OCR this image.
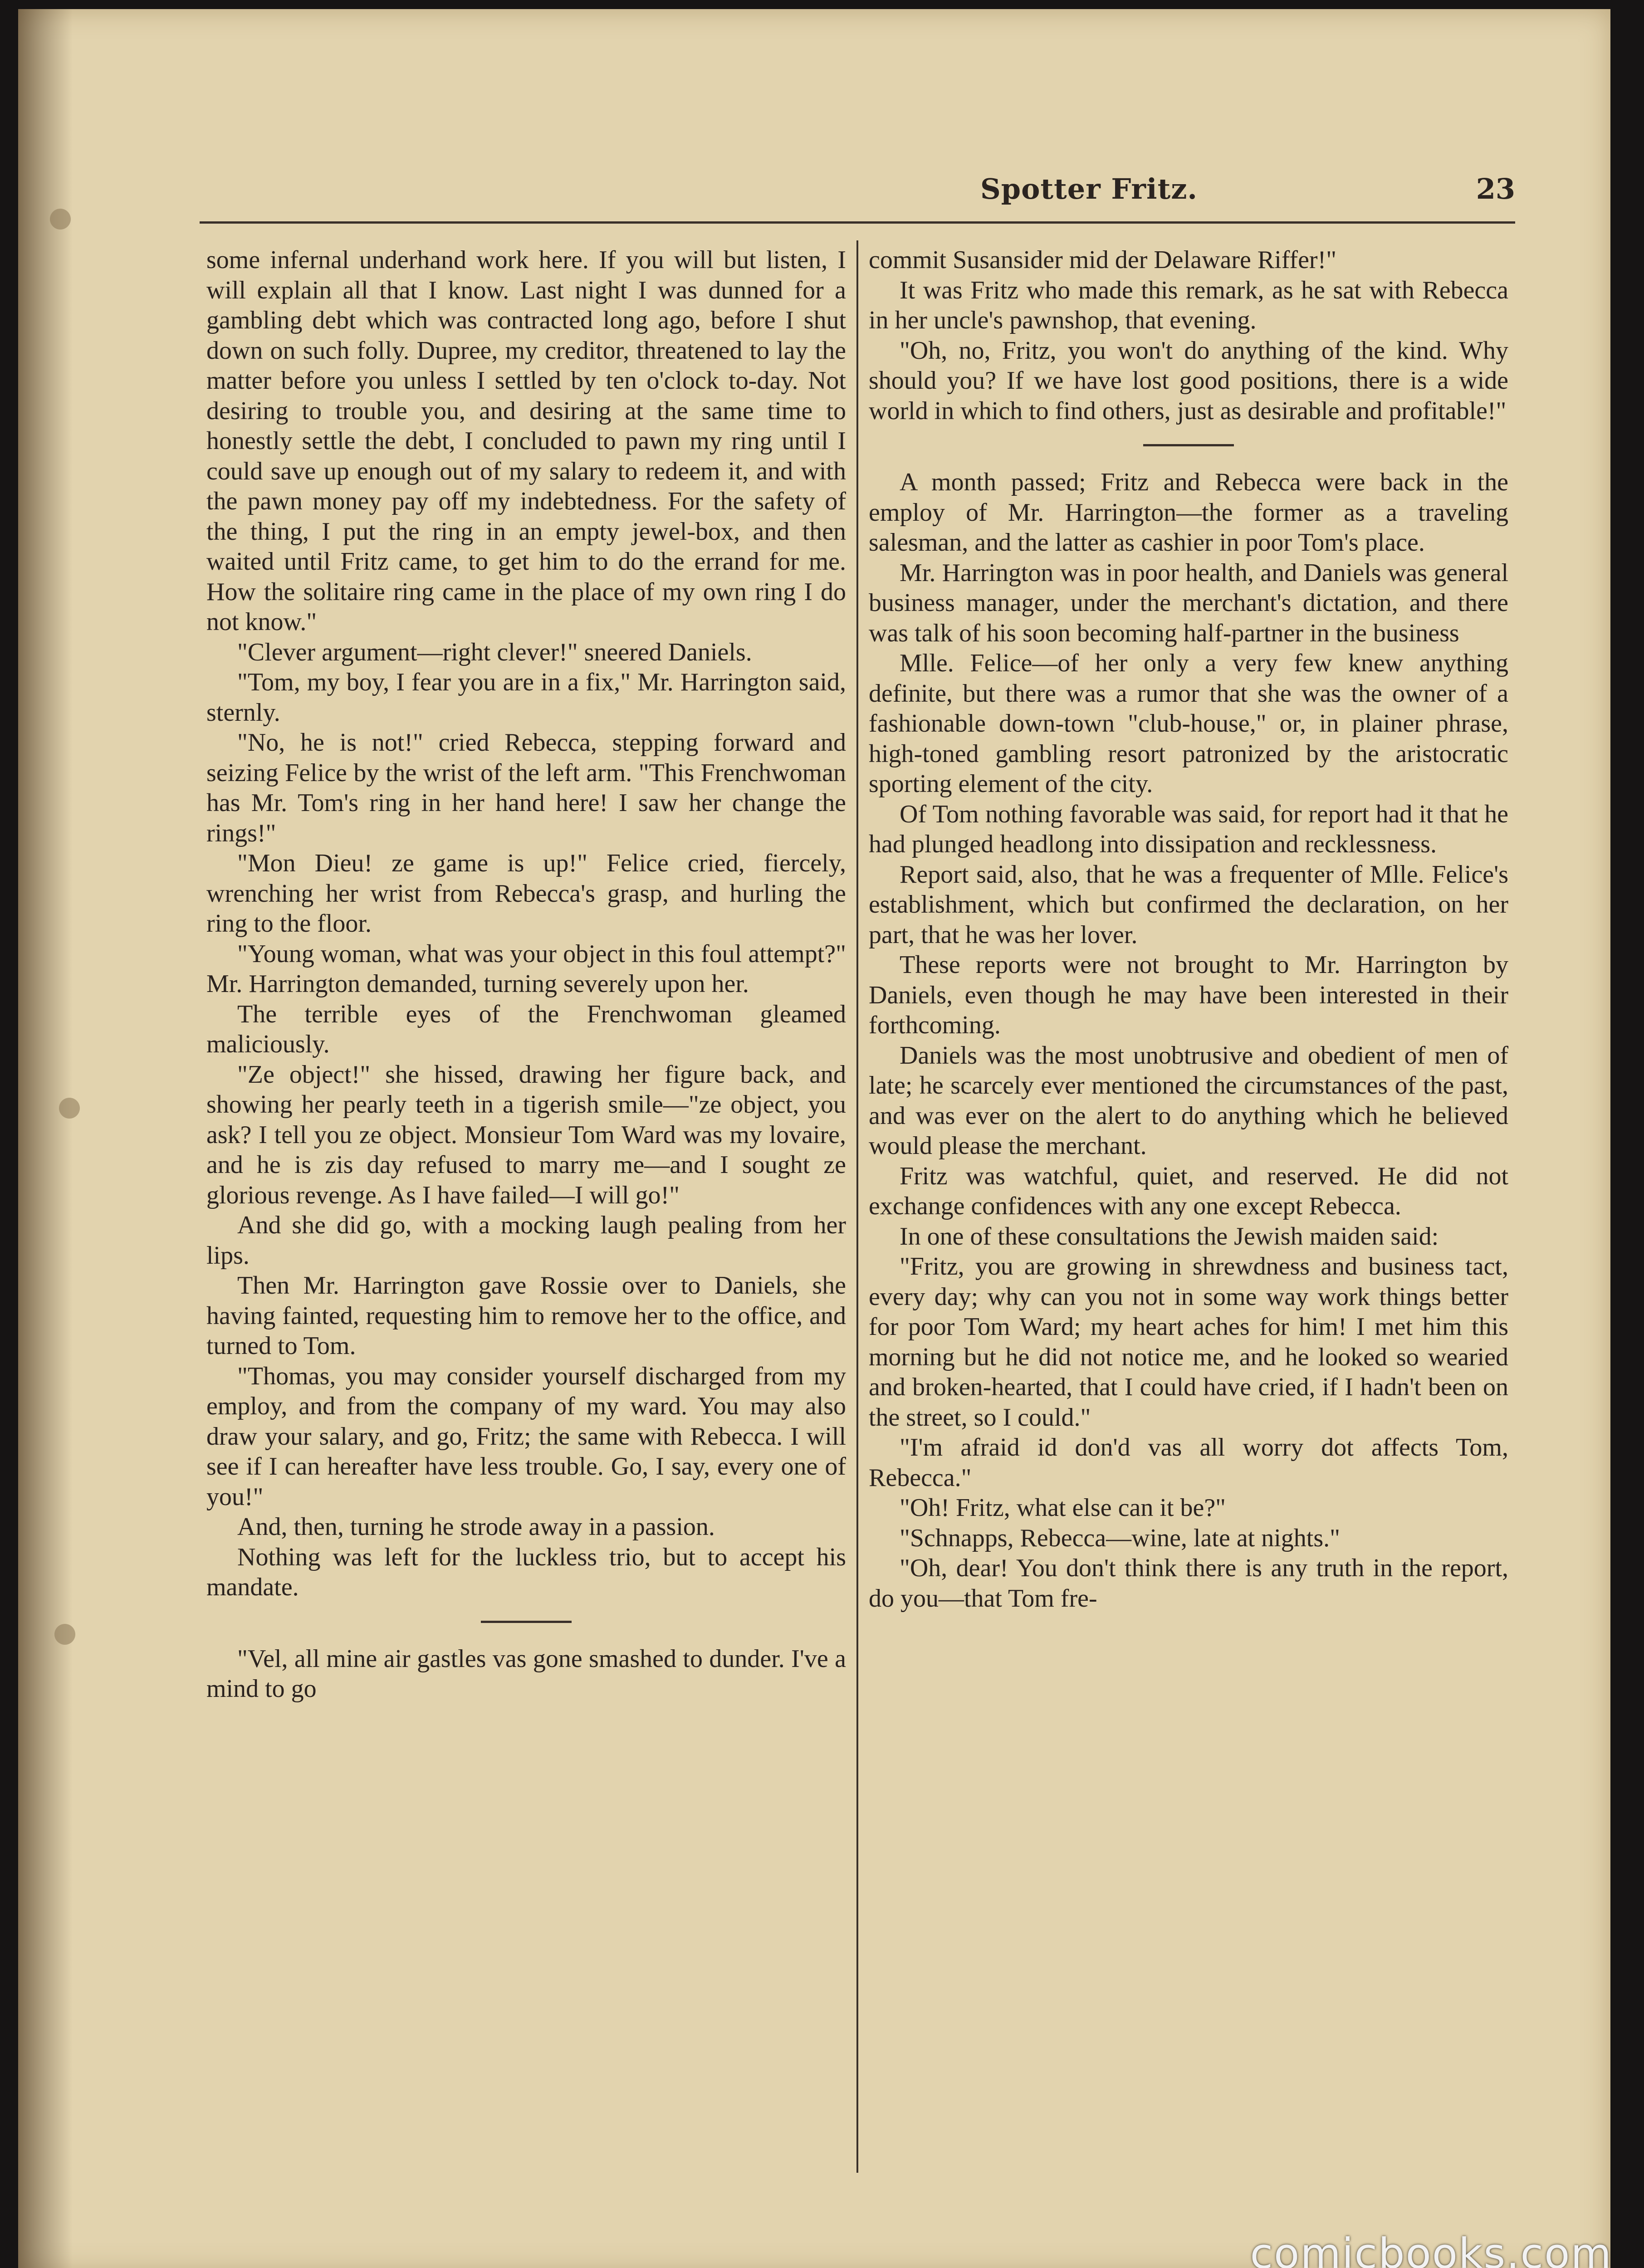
Spotter Fritz.	23

some infernal underhand work here. If you will but listen, I will explain all that I know. Last night I was dunned for a gambling debt which was contracted long ago, before I shut down on such folly. Dupree, my creditor, threatened to lay the matter before you unless I settled by ten o'clock to-day. Not desiring to trouble you, and desiring at the same time to honestly settle the debt, I concluded to pawn my ring until I could save up enough out of my salary to redeem it, and with the pawn money pay off my indebtedness. For the safety of the thing, I put the ring in an empty jewel-box, and then waited until Fritz came, to get him to do the errand for me. How the solitaire ring came in the place of my own ring I do not know."

"Clever argument—right clever!" sneered Daniels.

"Tom, my boy, I fear you are in a fix," Mr. Harrington said, sternly.

"No, he is not!" cried Rebecca, stepping forward and seizing Felice by the wrist of the left arm. "This Frenchwoman has Mr. Tom's ring in her hand here! I saw her change the rings!"

"Mon Dieu! ze game is up!" Felice cried, fiercely, wrenching her wrist from Rebecca's grasp, and hurling the ring to the floor.

"Young woman, what was your object in this foul attempt?" Mr. Harrington demanded, turning severely upon her.

The terrible eyes of the Frenchwoman gleamed maliciously.

"Ze object!" she hissed, drawing her figure back, and showing her pearly teeth in a tigerish smile—"ze object, you ask? I tell you ze object. Monsieur Tom Ward was my lovaire, and he is zis day refused to marry me—and I sought ze glorious revenge. As I have failed—I will go!"

And she did go, with a mocking laugh pealing from her lips.

Then Mr. Harrington gave Rossie over to Daniels, she having fainted, requesting him to remove her to the office, and turned to Tom.

"Thomas, you may consider yourself discharged from my employ, and from the company of my ward. You may also draw your salary, and go, Fritz; the same with Rebecca. I will see if I can hereafter have less trouble. Go, I say, every one of you!"

And, then, turning he strode away in a passion.

Nothing was left for the luckless trio, but to accept his mandate.

"Vel, all mine air gastles vas gone smashed to dunder. I've a mind to go

commit Susansider mid der Delaware Riffer!"

It was Fritz who made this remark, as he sat with Rebecca in her uncle's pawnshop, that evening.

"Oh, no, Fritz, you won't do anything of the kind. Why should you? If we have lost good positions, there is a wide world in which to find others, just as desirable and profitable!"

A month passed; Fritz and Rebecca were back in the employ of Mr. Harrington—the former as a traveling salesman, and the latter as cashier in poor Tom's place.

Mr. Harrington was in poor health, and Daniels was general business manager, under the merchant's dictation, and there was talk of his soon becoming half-partner in the business

Mlle. Felice—of her only a very few knew anything definite, but there was a rumor that she was the owner of a fashionable down-town "club-house," or, in plainer phrase, high-toned gambling resort patronized by the aristocratic sporting element of the city.

Of Tom nothing favorable was said, for report had it that he had plunged headlong into dissipation and recklessness.

Report said, also, that he was a frequenter of Mlle. Felice's establishment, which but confirmed the declaration, on her part, that he was her lover.

These reports were not brought to Mr. Harrington by Daniels, even though he may have been interested in their forthcoming.

Daniels was the most unobtrusive and obedient of men of late; he scarcely ever mentioned the circumstances of the past, and was ever on the alert to do anything which he believed would please the merchant.

Fritz was watchful, quiet, and reserved. He did not exchange confidences with any one except Rebecca.

In one of these consultations the Jewish maiden said:

"Fritz, you are growing in shrewdness and business tact, every day; why can you not in some way work things better for poor Tom Ward; my heart aches for him! I met him this morning but he did not notice me, and he looked so wearied and broken-hearted, that I could have cried, if I hadn't been on the street, so I could."

"I'm afraid id don'd vas all worry dot affects Tom, Rebecca."

"Oh! Fritz, what else can it be?"

"Schnapps, Rebecca—wine, late at nights."

"Oh, dear! You don't think there is any truth in the report, do you—that Tom fre-

comicbooks.com
